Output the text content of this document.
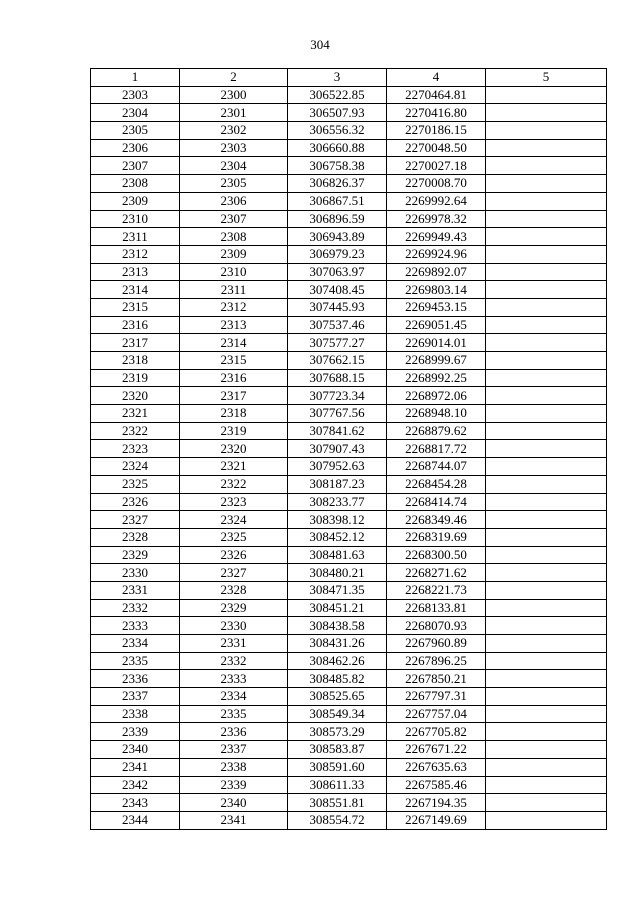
304
1	2	3	4	5
2303	2300	306522.85	2270464.81	
2304	2301	306507.93	2270416.80	
2305	2302	306556.32	2270186.15	
2306	2303	306660.88	2270048.50	
2307	2304	306758.38	2270027.18	
2308	2305	306826.37	2270008.70	
2309	2306	306867.51	2269992.64	
2310	2307	306896.59	2269978.32	
2311	2308	306943.89	2269949.43	
2312	2309	306979.23	2269924.96	
2313	2310	307063.97	2269892.07	
2314	2311	307408.45	2269803.14	
2315	2312	307445.93	2269453.15	
2316	2313	307537.46	2269051.45	
2317	2314	307577.27	2269014.01	
2318	2315	307662.15	2268999.67	
2319	2316	307688.15	2268992.25	
2320	2317	307723.34	2268972.06	
2321	2318	307767.56	2268948.10	
2322	2319	307841.62	2268879.62	
2323	2320	307907.43	2268817.72	
2324	2321	307952.63	2268744.07	
2325	2322	308187.23	2268454.28	
2326	2323	308233.77	2268414.74	
2327	2324	308398.12	2268349.46	
2328	2325	308452.12	2268319.69	
2329	2326	308481.63	2268300.50	
2330	2327	308480.21	2268271.62	
2331	2328	308471.35	2268221.73	
2332	2329	308451.21	2268133.81	
2333	2330	308438.58	2268070.93	
2334	2331	308431.26	2267960.89	
2335	2332	308462.26	2267896.25	
2336	2333	308485.82	2267850.21	
2337	2334	308525.65	2267797.31	
2338	2335	308549.34	2267757.04	
2339	2336	308573.29	2267705.82	
2340	2337	308583.87	2267671.22	
2341	2338	308591.60	2267635.63	
2342	2339	308611.33	2267585.46	
2343	2340	308551.81	2267194.35	
2344	2341	308554.72	2267149.69	
